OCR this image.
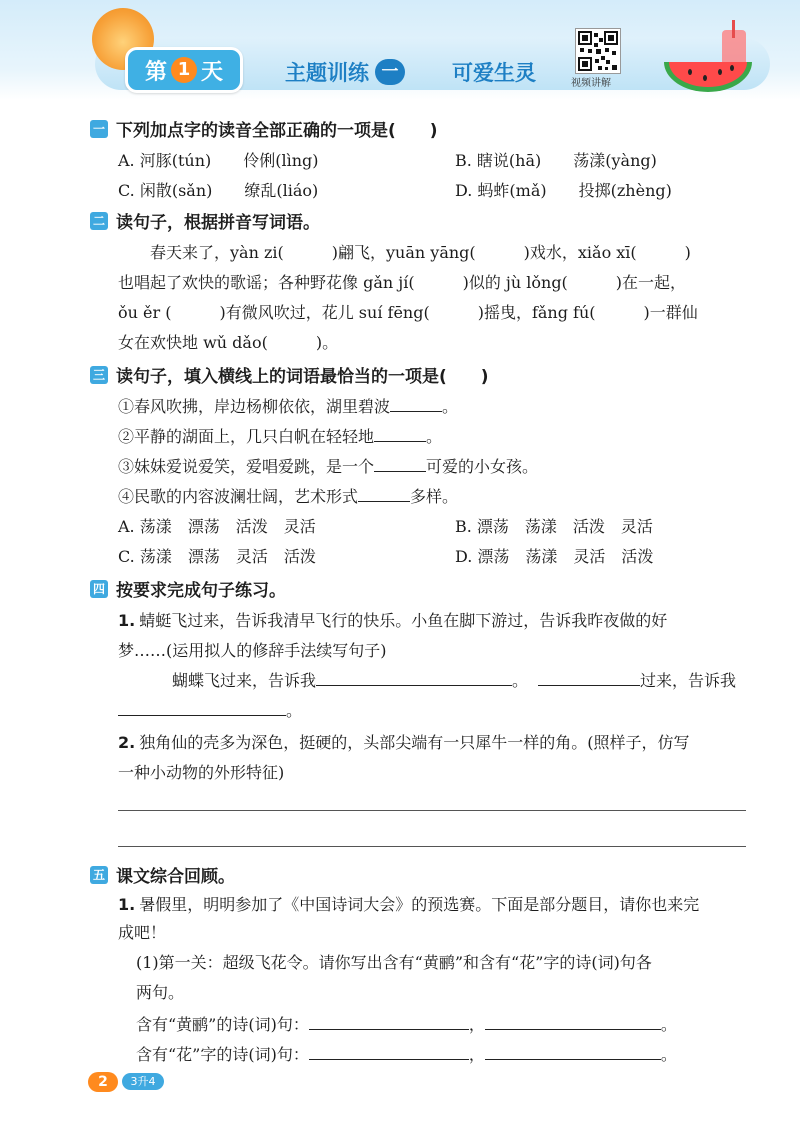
第 1 天	主题训练 一	可爱生灵	视频讲解
一 下列加点字的读音全部正确的一项是(　　)
A. 河豚(tún)　　伶俐(lìng)	B. 瞎说(hā)　　荡漾(yàng)
C. 闲散(sǎn)　　缭乱(liáo)	D. 蚂蚱(mǎ)　　投掷(zhèng)
二 读句子，根据拼音写词语。
春天来了，yàn zi(　　　)翩飞，yuān yāng(　　　)戏水，xiǎo xī(　　　)
也唱起了欢快的歌谣；各种野花像 gǎn jí(　　　)似的 jù lǒng(　　　)在一起，
ǒu ěr (　　　)有微风吹过，花儿 suí fēng(　　　)摇曳，fǎng fú(　　　)一群仙
女在欢快地 wǔ dǎo(　　　)。
三 读句子，填入横线上的词语最恰当的一项是(　　)
①春风吹拂，岸边杨柳依依，湖里碧波	。
②平静的湖面上，几只白帆在轻轻地	。
③妹妹爱说爱笑，爱唱爱跳，是一个	可爱的小女孩。
④民歌的内容波澜壮阔，艺术形式	多样。
A. 荡漾　漂荡　活泼　灵活	B. 漂荡　荡漾　活泼　灵活
C. 荡漾　漂荡　灵活　活泼	D. 漂荡　荡漾　灵活　活泼
四 按要求完成句子练习。
1. 蜻蜓飞过来，告诉我清早飞行的快乐。小鱼在脚下游过，告诉我昨夜做的好
梦……(运用拟人的修辞手法续写句子)
蝴蝶飞过来，告诉我	。	过来，告诉我
。
2. 独角仙的壳多为深色，挺硬的，头部尖端有一只犀牛一样的角。(照样子，仿写
一种小动物的外形特征)
五 课文综合回顾。
1. 暑假里，明明参加了《中国诗词大会》的预选赛。下面是部分题目，请你也来完
成吧！
(1)第一关：超级飞花令。请你写出含有“黄鹂”和含有“花”字的诗(词)句各
两句。
含有“黄鹂”的诗(词)句：	，	。
含有“花”字的诗(词)句：	，	。
2	3升4
